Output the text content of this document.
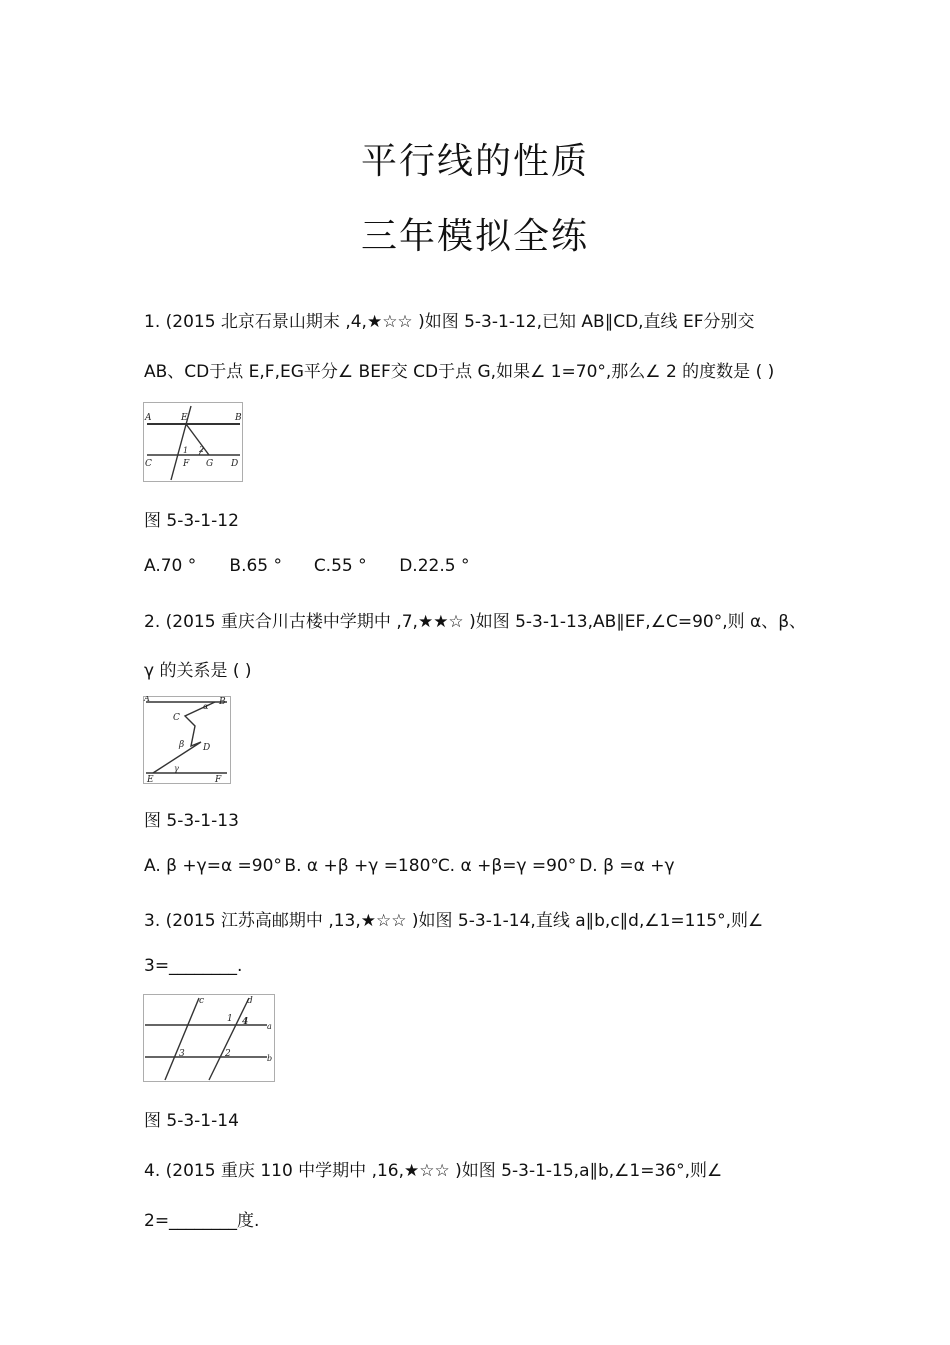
平行线的性质
三年模拟全练
1. (2015 北京石景山期末 ,4,★☆☆ )如图 5-3-1-12,已知 AB∥CD,直线 EF分别交
AB、CD于点 E,F,EG平分∠ BEF交 CD于点 G,如果∠ 1=70°,那么∠ 2 的度数是 ( )
A	E	B
C	F G D
1 2
图 5-3-1-12
A.70 ° B.65 ° C.55 ° D.22.5 °
2. (2015 重庆合川古楼中学期中 ,7,★★☆ )如图 5-3-1-13,AB∥EF,∠C=90°,则 α、β、
γ 的关系是 ( )
A	B
C
D
E	F
α
β
γ
图 5-3-1-13
A. β +γ=α =90° B. α +β +γ =180° C. α +β=γ =90° D. β =α +γ
3. (2015 江苏高邮期中 ,13,★☆☆ )如图 5-3-1-14,直线 a∥b,c∥d,∠1=115°,则∠
3=________.
c	d
a
b
1 4
2
3
图 5-3-1-14
4. (2015 重庆 110 中学期中 ,16,★☆☆ )如图 5-3-1-15,a∥b,∠1=36°,则∠
2=________度.
